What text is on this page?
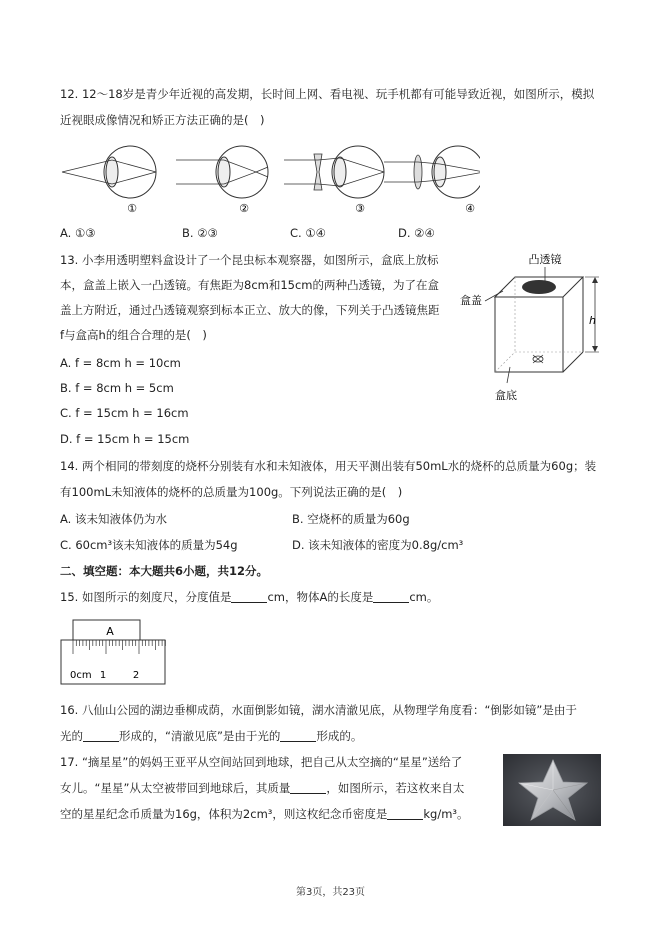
12. 12～18岁是青少年近视的高发期，长时间上网、看电视、玩手机都有可能导致近视，如图所示，模拟
近视眼成像情况和矫正方法正确的是(　)
①	②	③	④
A. ①③	B. ②③	C. ①④	D. ②④
13. 小李用透明塑料盒设计了一个昆虫标本观察器，如图所示，盒底上放标
本，盒盖上嵌入一凸透镜。有焦距为8cm和15cm的两种凸透镜，为了在盒
盖上方附近，通过凸透镜观察到标本正立、放大的像，下列关于凸透镜焦距
f与盒高h的组合合理的是(　)
A. f = 8cm h = 10cm
B. f = 8cm h = 5cm
C. f = 15cm h = 16cm
D. f = 15cm h = 15cm
凸透镜
盒盖
h
盒底
14. 两个相同的带刻度的烧杯分别装有水和未知液体，用天平测出装有50mL水的烧杯的总质量为60g；装
有100mL未知液体的烧杯的总质量为100g。下列说法正确的是(　)
A. 该未知液体仍为水	B. 空烧杯的质量为60g
C. 60cm³该未知液体的质量为54g	D. 该未知液体的密度为0.8g/cm³
二、填空题：本大题共6小题，共12分。
15. 如图所示的刻度尺，分度值是	cm，物体A的长度是	cm。
A
0cm 1	2
16. 八仙山公园的湖边垂柳成荫，水面倒影如镜，湖水清澈见底，从物理学角度看：“倒影如镜”是由于
光的	形成的，“清澈见底”是由于光的	形成的。
17. “摘星星”的妈妈王亚平从空间站回到地球，把自己从太空摘的“星星”送给了
女儿。“星星”从太空被带回到地球后，其质量	，如图所示，若这枚来自太
空的星星纪念币质量为16g，体积为2cm³，则这枚纪念币密度是	kg/m³。
第3页，共23页
